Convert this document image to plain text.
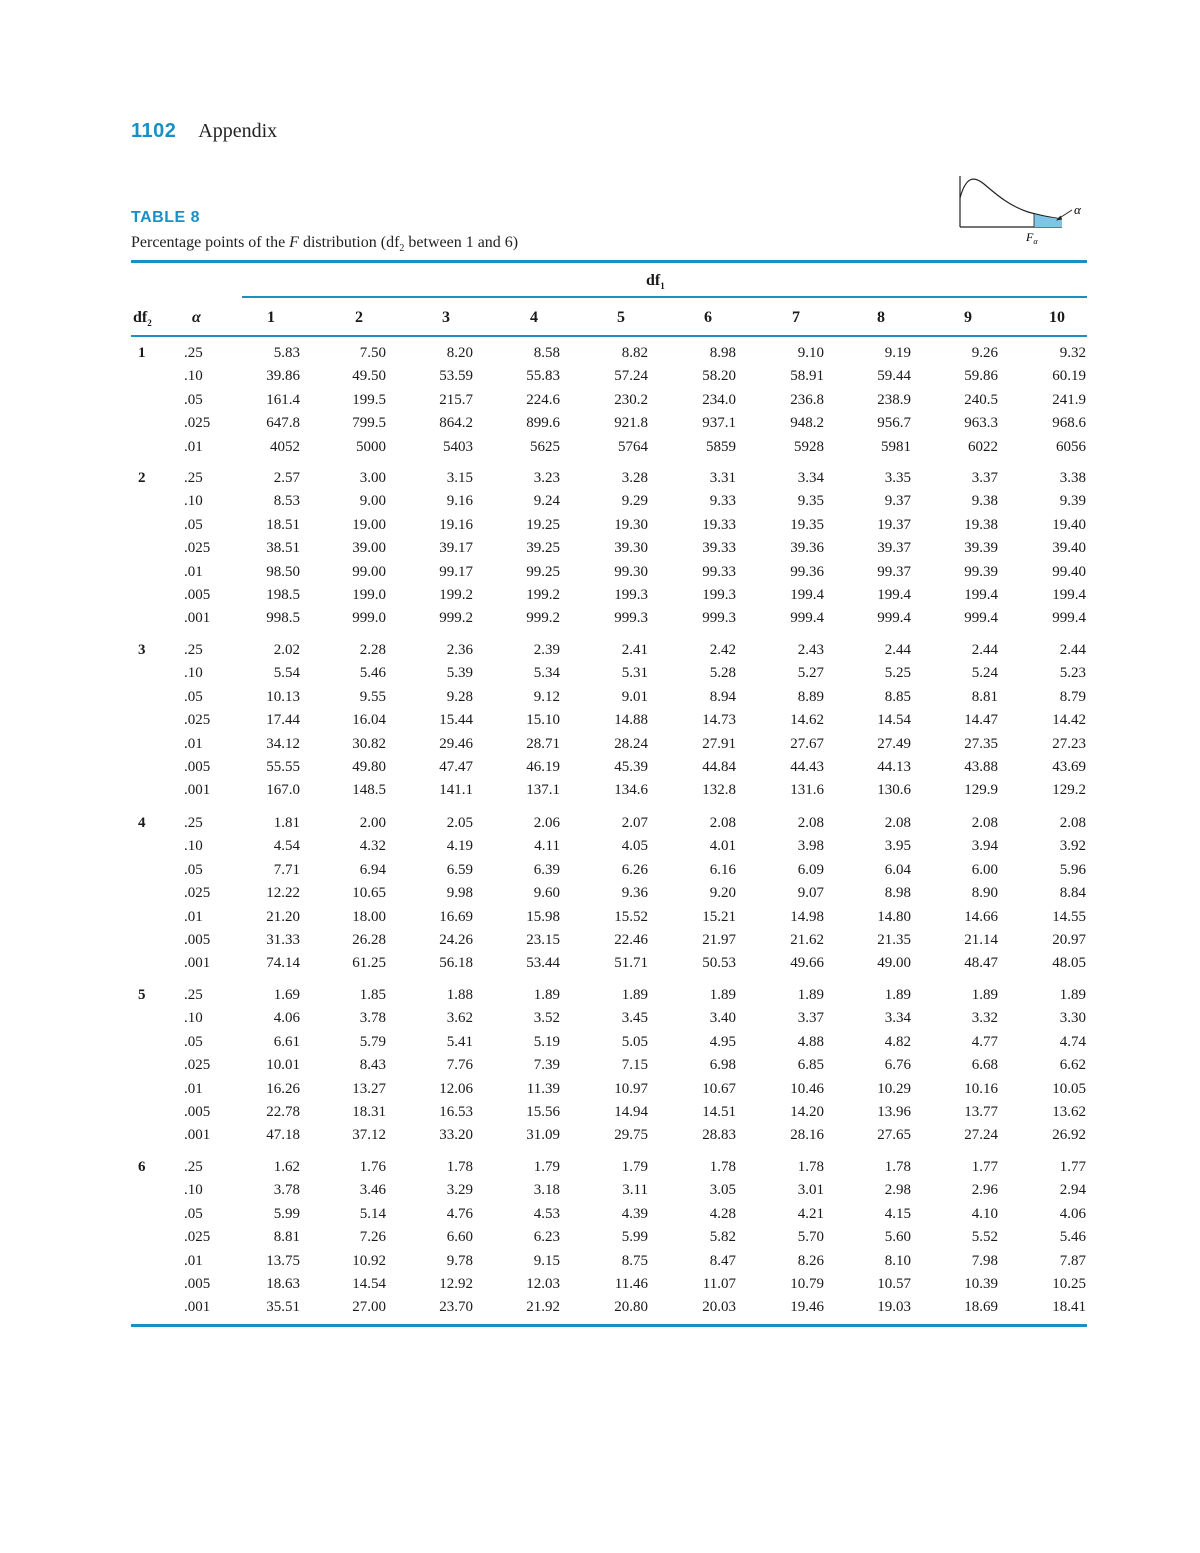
1102 Appendix
TABLE 8
Percentage points of the F distribution ($df_2$ between 1 and 6)
α
$F_\alpha$
$df_1$
$df_2$	α	1	2	3	4	5	6	7	8	9	10
1	.25	5.83	7.50	8.20	8.58	8.82	8.98	9.10	9.19	9.26	9.32
.10	39.86	49.50	53.59	55.83	57.24	58.20	58.91	59.44	59.86	60.19
.05	161.4	199.5	215.7	224.6	230.2	234.0	236.8	238.9	240.5	241.9
.025	647.8	799.5	864.2	899.6	921.8	937.1	948.2	956.7	963.3	968.6
.01	4052	5000	5403	5625	5764	5859	5928	5981	6022	6056
2	.25	2.57	3.00	3.15	3.23	3.28	3.31	3.34	3.35	3.37	3.38
.10	8.53	9.00	9.16	9.24	9.29	9.33	9.35	9.37	9.38	9.39
.05	18.51	19.00	19.16	19.25	19.30	19.33	19.35	19.37	19.38	19.40
.025	38.51	39.00	39.17	39.25	39.30	39.33	39.36	39.37	39.39	39.40
.01	98.50	99.00	99.17	99.25	99.30	99.33	99.36	99.37	99.39	99.40
.005	198.5	199.0	199.2	199.2	199.3	199.3	199.4	199.4	199.4	199.4
.001	998.5	999.0	999.2	999.2	999.3	999.3	999.4	999.4	999.4	999.4
3	.25	2.02	2.28	2.36	2.39	2.41	2.42	2.43	2.44	2.44	2.44
.10	5.54	5.46	5.39	5.34	5.31	5.28	5.27	5.25	5.24	5.23
.05	10.13	9.55	9.28	9.12	9.01	8.94	8.89	8.85	8.81	8.79
.025	17.44	16.04	15.44	15.10	14.88	14.73	14.62	14.54	14.47	14.42
.01	34.12	30.82	29.46	28.71	28.24	27.91	27.67	27.49	27.35	27.23
.005	55.55	49.80	47.47	46.19	45.39	44.84	44.43	44.13	43.88	43.69
.001	167.0	148.5	141.1	137.1	134.6	132.8	131.6	130.6	129.9	129.2
4	.25	1.81	2.00	2.05	2.06	2.07	2.08	2.08	2.08	2.08	2.08
.10	4.54	4.32	4.19	4.11	4.05	4.01	3.98	3.95	3.94	3.92
.05	7.71	6.94	6.59	6.39	6.26	6.16	6.09	6.04	6.00	5.96
.025	12.22	10.65	9.98	9.60	9.36	9.20	9.07	8.98	8.90	8.84
.01	21.20	18.00	16.69	15.98	15.52	15.21	14.98	14.80	14.66	14.55
.005	31.33	26.28	24.26	23.15	22.46	21.97	21.62	21.35	21.14	20.97
.001	74.14	61.25	56.18	53.44	51.71	50.53	49.66	49.00	48.47	48.05
5	.25	1.69	1.85	1.88	1.89	1.89	1.89	1.89	1.89	1.89	1.89
.10	4.06	3.78	3.62	3.52	3.45	3.40	3.37	3.34	3.32	3.30
.05	6.61	5.79	5.41	5.19	5.05	4.95	4.88	4.82	4.77	4.74
.025	10.01	8.43	7.76	7.39	7.15	6.98	6.85	6.76	6.68	6.62
.01	16.26	13.27	12.06	11.39	10.97	10.67	10.46	10.29	10.16	10.05
.005	22.78	18.31	16.53	15.56	14.94	14.51	14.20	13.96	13.77	13.62
.001	47.18	37.12	33.20	31.09	29.75	28.83	28.16	27.65	27.24	26.92
6	.25	1.62	1.76	1.78	1.79	1.79	1.78	1.78	1.78	1.77	1.77
.10	3.78	3.46	3.29	3.18	3.11	3.05	3.01	2.98	2.96	2.94
.05	5.99	5.14	4.76	4.53	4.39	4.28	4.21	4.15	4.10	4.06
.025	8.81	7.26	6.60	6.23	5.99	5.82	5.70	5.60	5.52	5.46
.01	13.75	10.92	9.78	9.15	8.75	8.47	8.26	8.10	7.98	7.87
.005	18.63	14.54	12.92	12.03	11.46	11.07	10.79	10.57	10.39	10.25
.001	35.51	27.00	23.70	21.92	20.80	20.03	19.46	19.03	18.69	18.41
